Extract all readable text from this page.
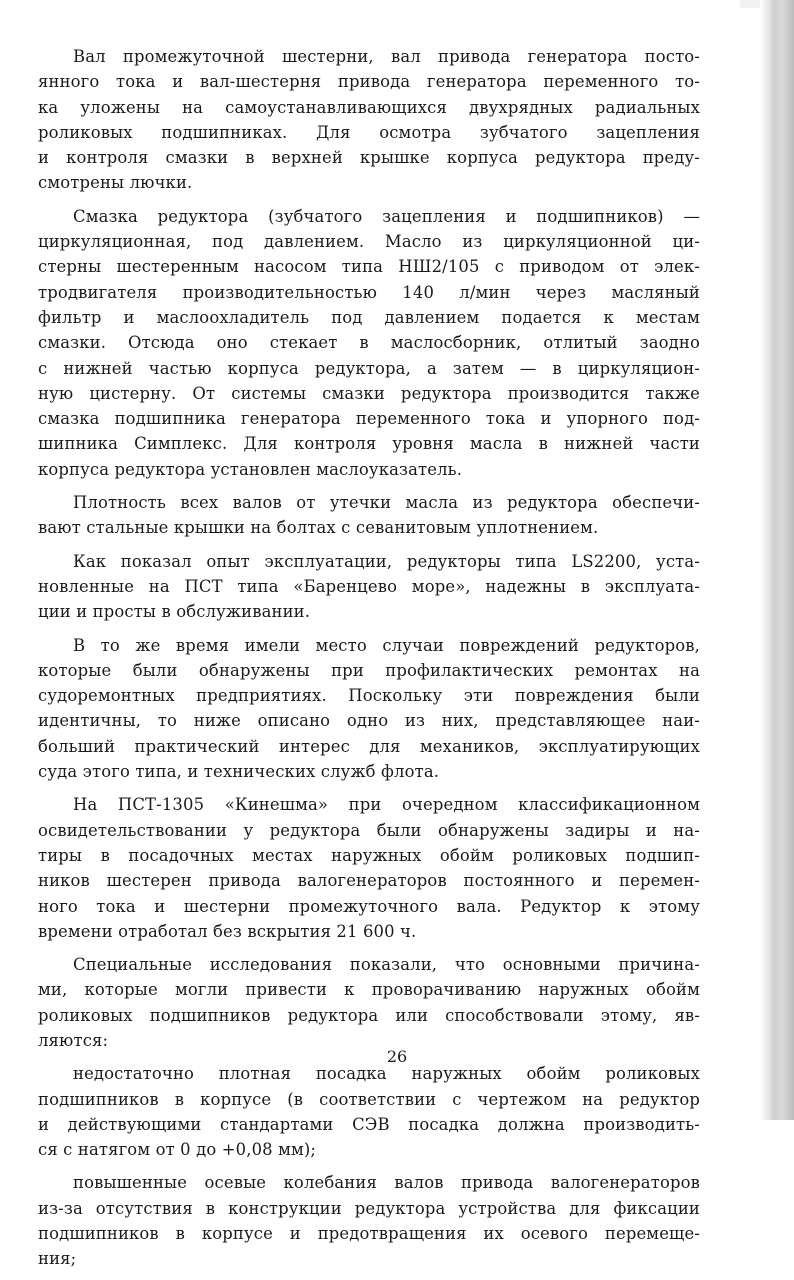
Вал промежуточной шестерни, вал привода генератора посто-
янного тока и вал-шестерня привода генератора переменного то-
ка уложены на самоустанавливающихся двухрядных радиальных
роликовых подшипниках. Для осмотра зубчатого зацепления
и контроля смазки в верхней крышке корпуса редуктора преду-
смотрены лючки.
Смазка редуктора (зубчатого зацепления и подшипников) —
циркуляционная, под давлением. Масло из циркуляционной ци-
стерны шестеренным насосом типа НШ2/105 с приводом от элек-
тродвигателя производительностью 140 л/мин через масляный
фильтр и маслоохладитель под давлением подается к местам
смазки. Отсюда оно стекает в маслосборник, отлитый заодно
с нижней частью корпуса редуктора, а затем — в циркуляцион-
ную цистерну. От системы смазки редуктора производится также
смазка подшипника генератора переменного тока и упорного под-
шипника Симплекс. Для контроля уровня масла в нижней части
корпуса редуктора установлен маслоуказатель.
Плотность всех валов от утечки масла из редуктора обеспечи-
вают стальные крышки на болтах с севанитовым уплотнением.
Как показал опыт эксплуатации, редукторы типа LS2200, уста-
новленные на ПСТ типа «Баренцево море», надежны в эксплуата-
ции и просты в обслуживании.
В то же время имели место случаи повреждений редукторов,
которые были обнаружены при профилактических ремонтах на
судоремонтных предприятиях. Поскольку эти повреждения были
идентичны, то ниже описано одно из них, представляющее наи-
больший практический интерес для механиков, эксплуатирующих
суда этого типа, и технических служб флота.
На ПСТ-1305 «Кинешма» при очередном классификационном
освидетельствовании у редуктора были обнаружены задиры и на-
тиры в посадочных местах наружных обойм роликовых подшип-
ников шестерен привода валогенераторов постоянного и перемен-
ного тока и шестерни промежуточного вала. Редуктор к этому
времени отработал без вскрытия 21 600 ч.
Специальные исследования показали, что основными причина-
ми, которые могли привести к проворачиванию наружных обойм
роликовых подшипников редуктора или способствовали этому, яв-
ляются:
недостаточно плотная посадка наружных обойм роликовых
подшипников в корпусе (в соответствии с чертежом на редуктор
и действующими стандартами СЭВ посадка должна производить-
ся с натягом от 0 до +0,08 мм);
повышенные осевые колебания валов привода валогенераторов
из-за отсутствия в конструкции редуктора устройства для фиксации
подшипников в корпусе и предотвращения их осевого перемеще-
ния;
26
